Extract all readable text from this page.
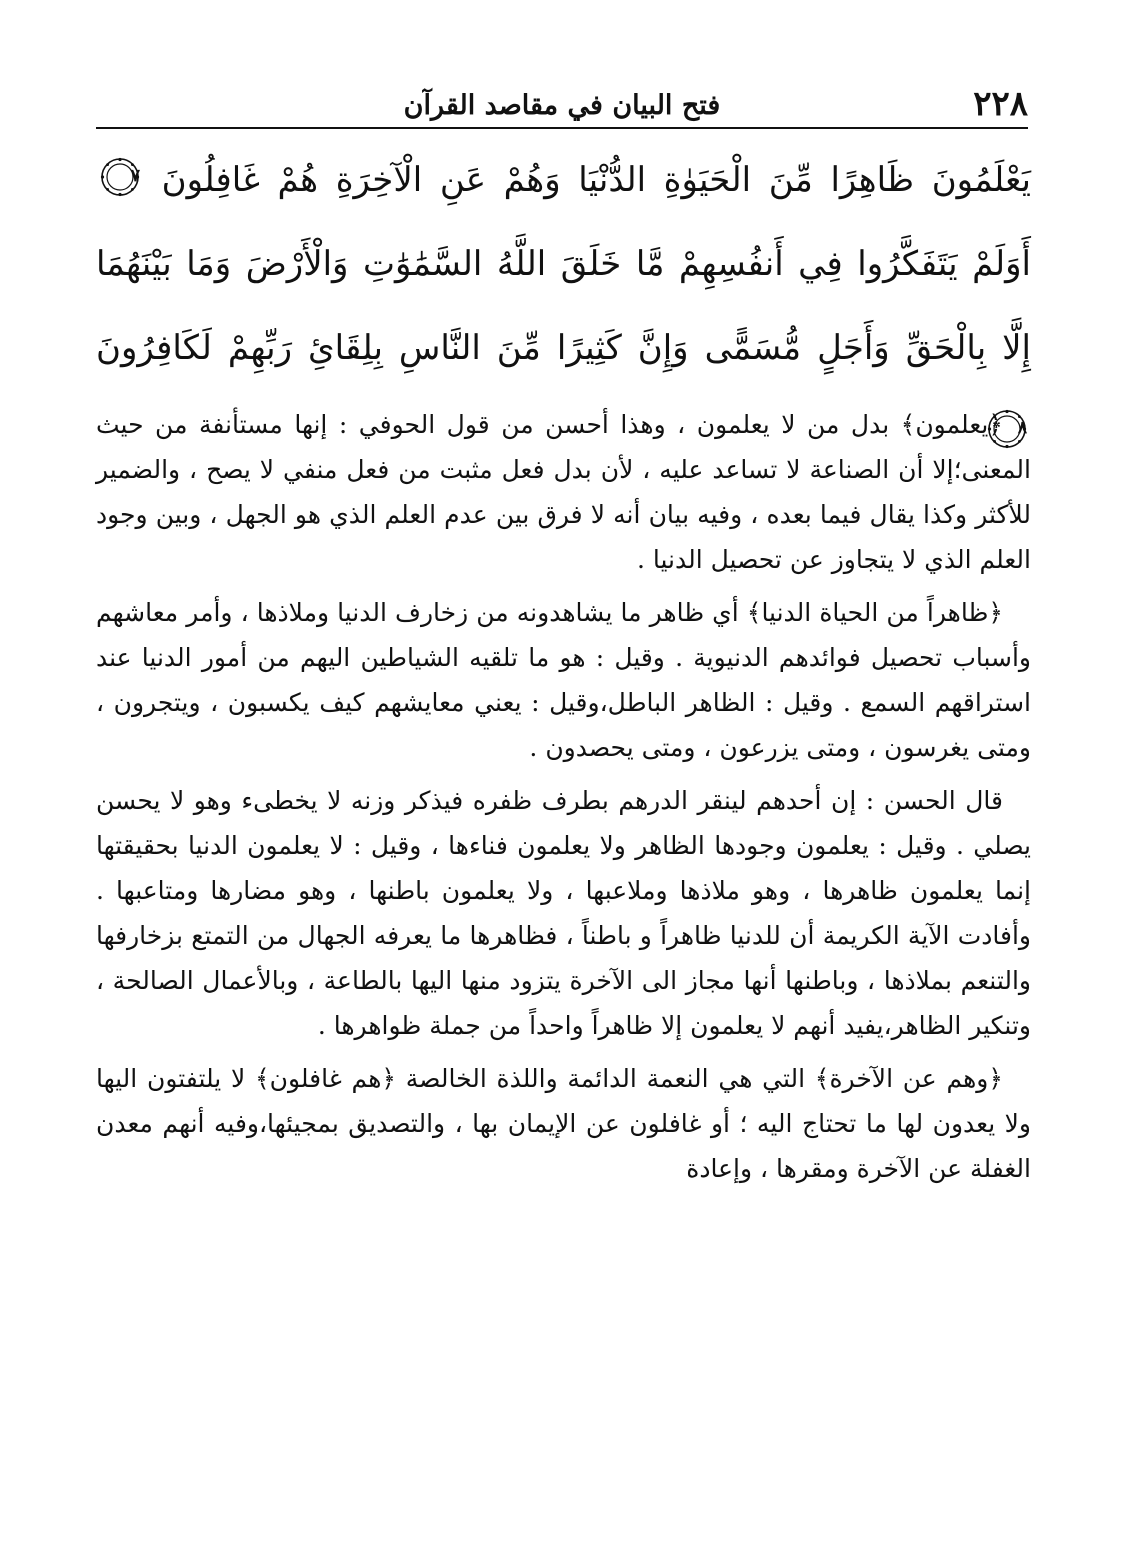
٢٢٨
فتح البيان في مقاصد القرآن

يَعْلَمُونَ ظَاهِرًا مِّنَ الْحَيَوٰةِ الدُّنْيَا وَهُمْ عَنِ الْآخِرَةِ هُمْ غَافِلُونَ
٧
أَوَلَمْ يَتَفَكَّرُوا فِي أَنفُسِهِمْ مَّا خَلَقَ اللَّهُ السَّمَٰوَٰتِ وَالْأَرْضَ وَمَا بَيْنَهُمَا إِلَّا بِالْحَقِّ وَأَجَلٍ مُّسَمًّى وَإِنَّ كَثِيرًا مِّنَ النَّاسِ بِلِقَائِ رَبِّهِمْ لَكَافِرُونَ
٨

﴿يعلمون﴾ بدل من لا يعلمون ، وهذا أحسن من قول الحوفي : إنها مستأنفة من حيث المعنى؛إلا أن الصناعة لا تساعد عليه ، لأن بدل فعل مثبت من فعل منفي لا يصح ، والضمير للأكثر وكذا يقال فيما بعده ، وفيه بيان أنه لا فرق بين عدم العلم الذي هو الجهل ، وبين وجود العلم الذي لا يتجاوز عن تحصيل الدنيا .

﴿ظاهراً من الحياة الدنيا﴾ أي ظاهر ما يشاهدونه من زخارف الدنيا وملاذها ، وأمر معاشهم وأسباب تحصيل فوائدهم الدنيوية . وقيل : هو ما تلقيه الشياطين اليهم من أمور الدنيا عند استراقهم السمع . وقيل : الظاهر الباطل،وقيل : يعني معايشهم كيف يكسبون ، ويتجرون ، ومتى يغرسون ، ومتى يزرعون ، ومتى يحصدون .

قال الحسن : إن أحدهم لينقر الدرهم بطرف ظفره فيذكر وزنه لا يخطىء وهو لا يحسن يصلي . وقيل : يعلمون وجودها الظاهر ولا يعلمون فناءها ، وقيل : لا يعلمون الدنيا بحقيقتها إنما يعلمون ظاهرها ، وهو ملاذها وملاعبها ، ولا يعلمون باطنها ، وهو مضارها ومتاعبها . وأفادت الآية الكريمة أن للدنيا ظاهراً و باطناً ، فظاهرها ما يعرفه الجهال من التمتع بزخارفها والتنعم بملاذها ، وباطنها أنها مجاز الى الآخرة يتزود منها اليها بالطاعة ، وبالأعمال الصالحة ، وتنكير الظاهر،يفيد أنهم لا يعلمون إلا ظاهراً واحداً من جملة ظواهرها .

﴿وهم عن الآخرة﴾ التي هي النعمة الدائمة واللذة الخالصة ﴿هم غافلون﴾ لا يلتفتون اليها ولا يعدون لها ما تحتاج اليه ؛ أو غافلون عن الإيمان بها ، والتصديق بمجيئها،وفيه أنهم معدن الغفلة عن الآخرة ومقرها ، وإعادة
